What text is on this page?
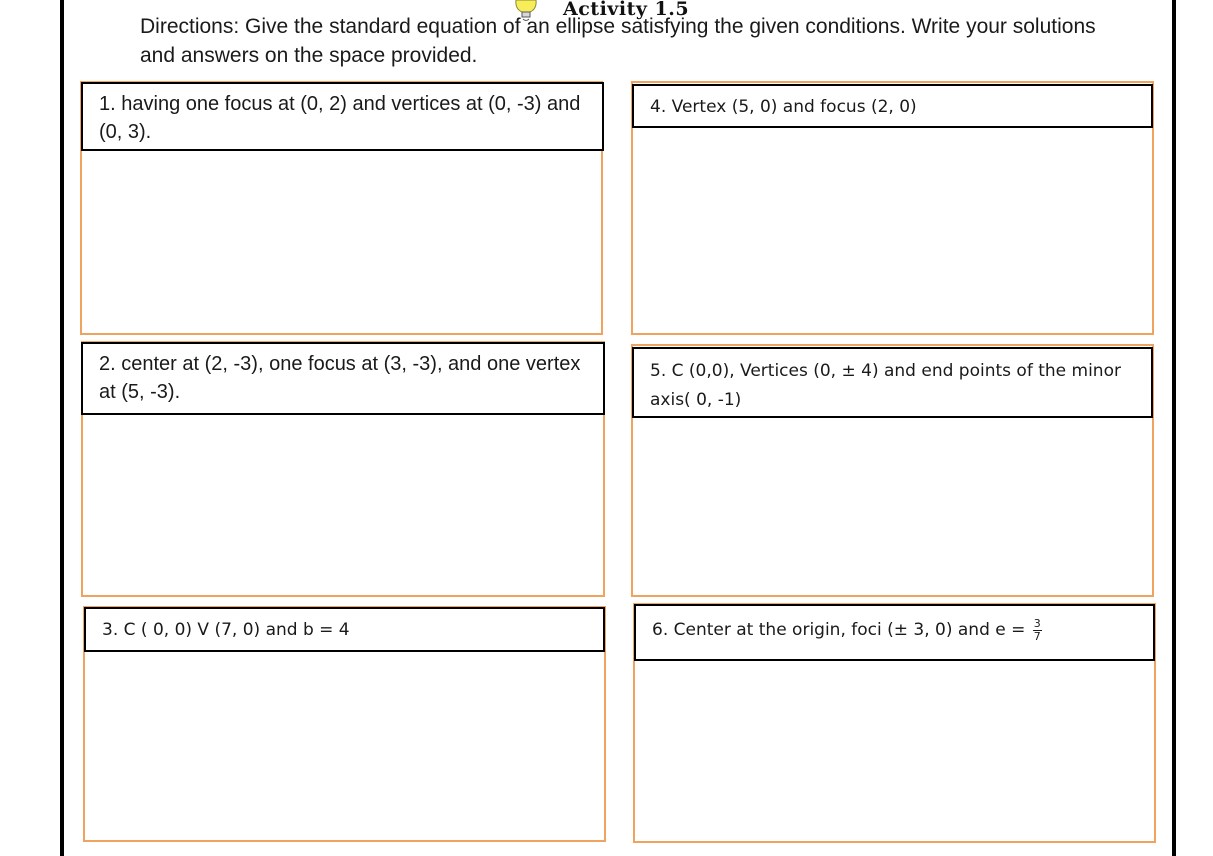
Activity 1.5
Directions: Give the standard equation of an ellipse satisfying the given conditions. Write your solutions and answers on the space provided.
1. having one focus at (0, 2) and vertices at (0, -3) and (0, 3).
2. center at (2, -3), one focus at (3, -3), and one vertex at (5, -3).
3. C ( 0, 0) V (7, 0) and b = 4
4. Vertex (5, 0) and focus (2, 0)
5. C (0,0), Vertices (0, ± 4) and end points of the minor axis( 0, -1)
6. Center at the origin, foci (± 3, 0) and $e = \frac{3}{7}$
